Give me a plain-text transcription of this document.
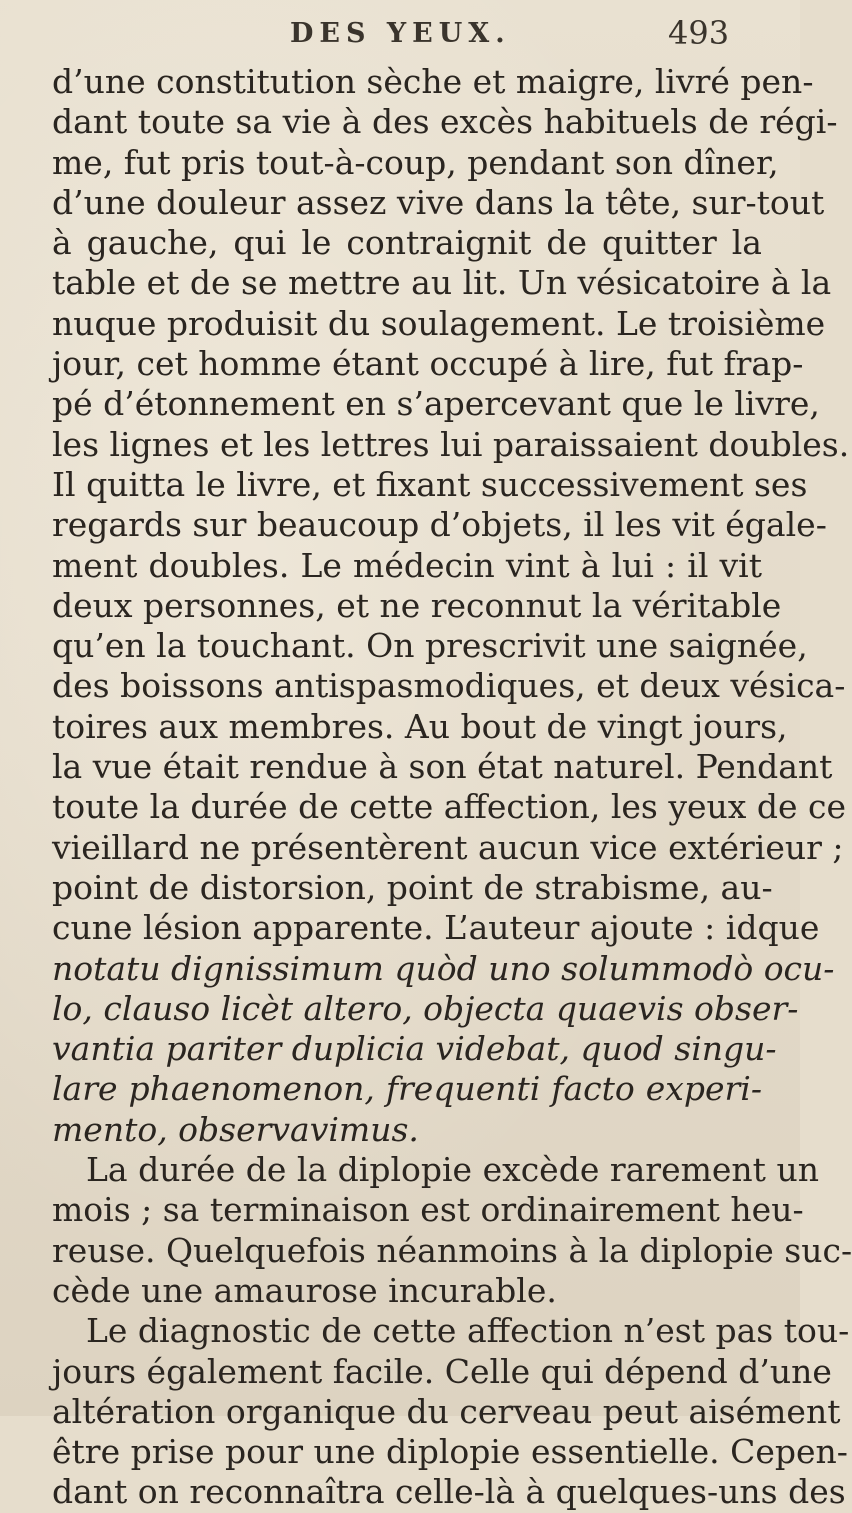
DES YEUX.	493
d’une constitution sèche et maigre, livré pen-
dant toute sa vie à des excès habituels de régi-
me, fut pris tout-à-coup, pendant son dîner,
d’une douleur assez vive dans la tête, sur-tout
à gauche, qui le contraignit de quitter la
table et de se mettre au lit. Un vésicatoire à la
nuque produisit du soulagement. Le troisième
jour, cet homme étant occupé à lire, fut frap-
pé d’étonnement en s’apercevant que le livre,
les lignes et les lettres lui paraissaient doubles.
Il quitta le livre, et fixant successivement ses
regards sur beaucoup d’objets, il les vit égale-
ment doubles. Le médecin vint à lui : il vit
deux personnes, et ne reconnut la véritable
qu’en la touchant. On prescrivit une saignée,
des boissons antispasmodiques, et deux vésica-
toires aux membres. Au bout de vingt jours,
la vue était rendue à son état naturel. Pendant
toute la durée de cette affection, les yeux de ce
vieillard ne présentèrent aucun vice extérieur ;
point de distorsion, point de strabisme, au-
cune lésion apparente. L’auteur ajoute : idque
notatu dignissimum quòd uno solummodò ocu-
lo, clauso licèt altero, objecta quaevis obser-
vantia pariter duplicia videbat, quod singu-
lare phaenomenon, frequenti facto experi-
mento, observavimus.
La durée de la diplopie excède rarement un
mois ; sa terminaison est ordinairement heu-
reuse. Quelquefois néanmoins à la diplopie suc-
cède une amaurose incurable.
Le diagnostic de cette affection n’est pas tou-
jours également facile. Celle qui dépend d’une
altération organique du cerveau peut aisément
être prise pour une diplopie essentielle. Cepen-
dant on reconnaîtra celle-là à quelques-uns des
